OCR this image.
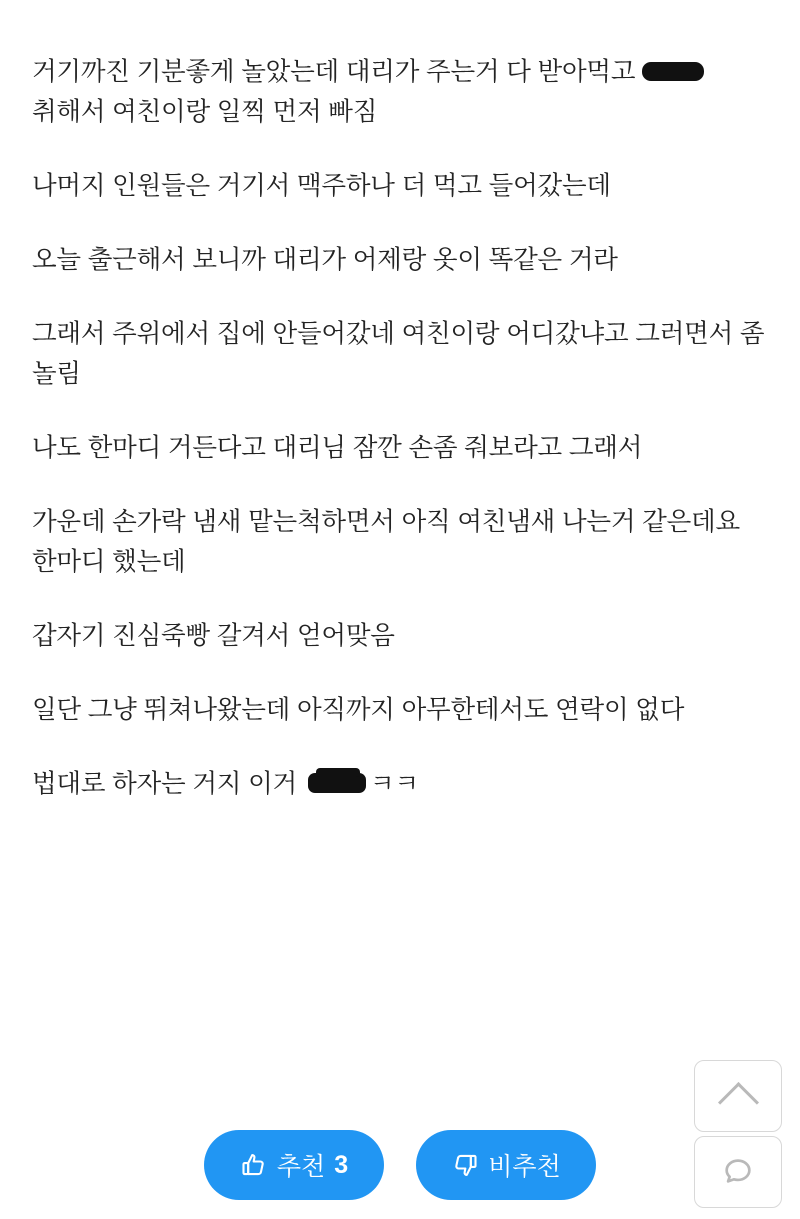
거기까진 기분좋게 놀았는데 대리가 주는거 다 받아먹고 취해서 여친이랑 일찍 먼저 빠짐

나머지 인원들은 거기서 맥주하나 더 먹고 들어갔는데

오늘 출근해서 보니까 대리가 어제랑 옷이 똑같은 거라

그래서 주위에서 집에 안들어갔네 여친이랑 어디갔냐고 그러면서 좀 놀림

나도 한마디 거든다고 대리님 잠깐 손좀 줘보라고 그래서

가운데 손가락 냄새 맡는척하면서 아직 여친냄새 나는거 같은데요 한마디 했는데

갑자기 진심죽빵 갈겨서 얻어맞음

일단 그냥 뛰쳐나왔는데 아직까지 아무한테서도 연락이 없다

법대로 하자는 거지 이거	ㅋㅋ

추천 3	비추천
